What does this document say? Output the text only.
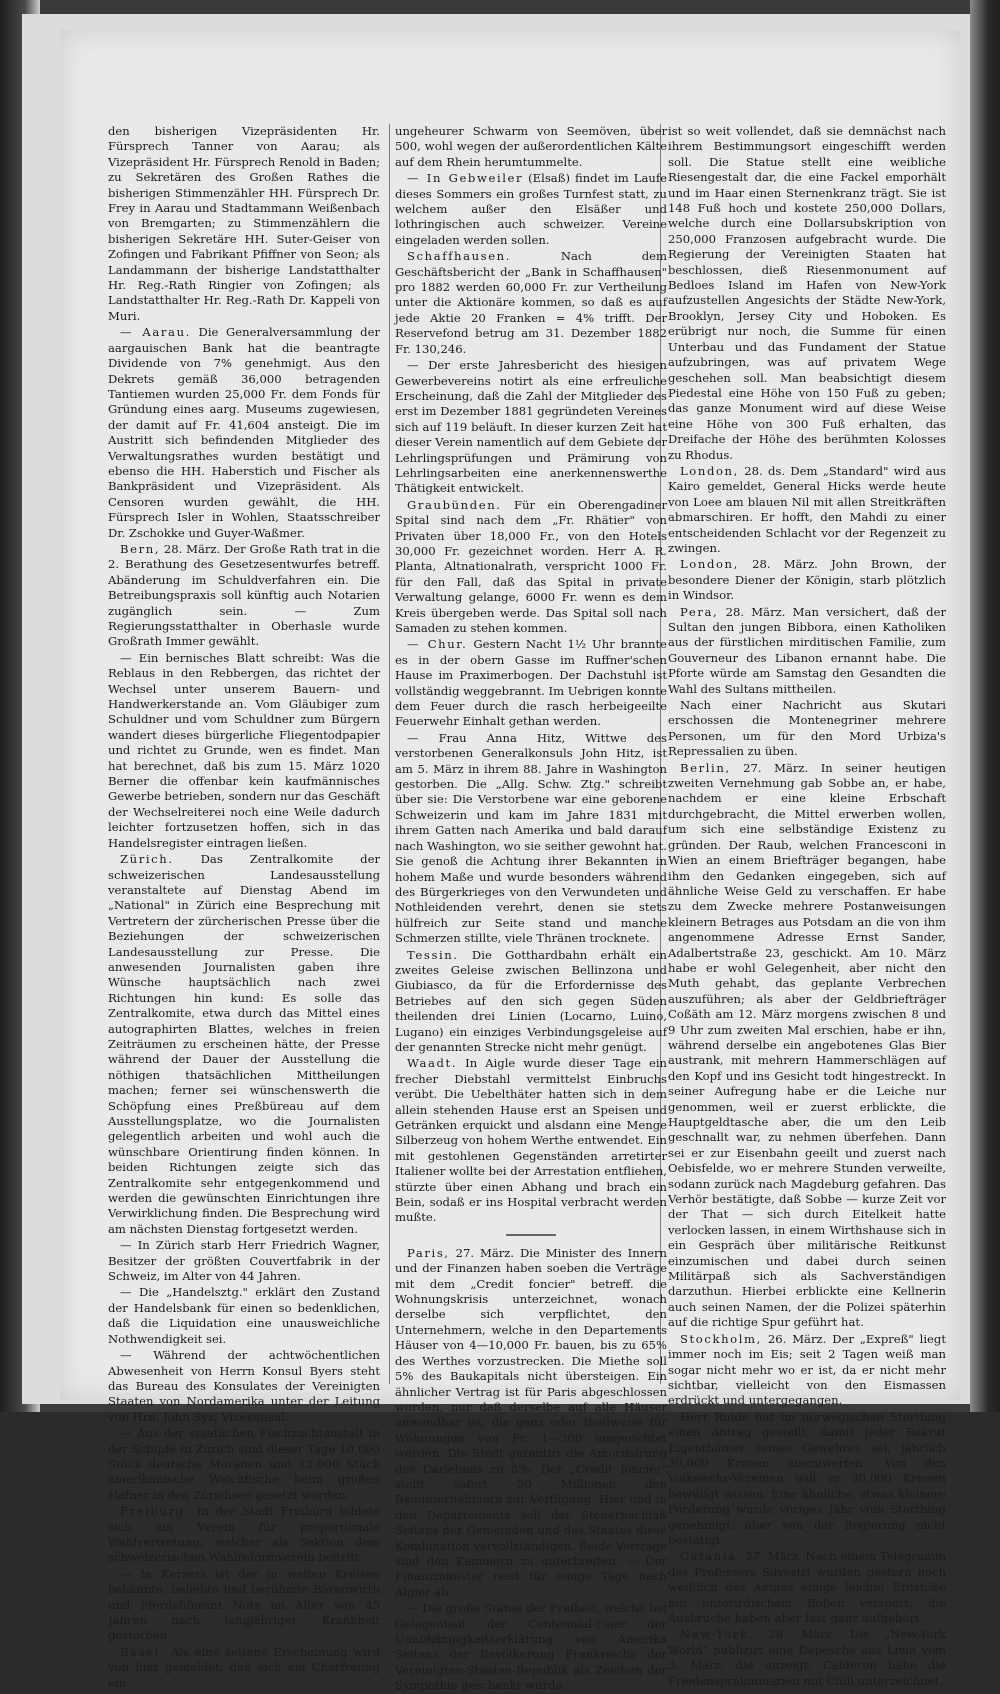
den bisherigen Vizepräsidenten Hr. Fürsprech Tanner von Aarau; als Vizepräsident Hr. Fürsprech Renold in Baden; zu Sekretären des Großen Rathes die bisherigen Stimmenzähler HH. Fürsprech Dr. Frey in Aarau und Stadtammann Weißenbach von Bremgarten; zu Stimmenzählern die bisherigen Sekretäre HH. Suter-Geiser von Zofingen und Fabrikant Pfiffner von Seon; als Landammann der bisherige Landstatthalter Hr. Reg.-Rath Ringier von Zofingen; als Landstatthalter Hr. Reg.-Rath Dr. Kappeli von Muri.

— Aarau. Die Generalversammlung der aargauischen Bank hat die beantragte Dividende von 7% genehmigt. Aus den Dekrets gemäß 36,000 betragenden Tantiemen wurden 25,000 Fr. dem Fonds für Gründung eines aarg. Museums zugewiesen, der damit auf Fr. 41,604 ansteigt. Die im Austritt sich befindenden Mitglieder des Verwaltungsrathes wurden bestätigt und ebenso die HH. Haberstich und Fischer als Bankpräsident und Vizepräsident. Als Censoren wurden gewählt, die HH. Fürsprech Isler in Wohlen, Staatsschreiber Dr. Zschokke und Guyer-Waßmer.

Bern, 28. März. Der Große Rath trat in die 2. Berathung des Gesetzesentwurfes betreff. Abänderung im Schuldverfahren ein. Die Betreibungspraxis soll künftig auch Notarien zugänglich sein. — Zum Regierungsstatthalter in Oberhasle wurde Großrath Immer gewählt.

— Ein bernisches Blatt schreibt: Was die Reblaus in den Rebbergen, das richtet der Wechsel unter unserem Bauern- und Handwerkerstande an. Vom Gläubiger zum Schuldner und vom Schuldner zum Bürgern wandert dieses bürgerliche Fliegentodpapier und richtet zu Grunde, wen es findet. Man hat berechnet, daß bis zum 15. März 1020 Berner die offenbar kein kaufmännisches Gewerbe betrieben, sondern nur das Geschäft der Wechselreiterei noch eine Weile dadurch leichter fortzusetzen hoffen, sich in das Handelsregister eintragen ließen.

Zürich. Das Zentralkomite der schweizerischen Landesausstellung veranstaltete auf Dienstag Abend im „National" in Zürich eine Besprechung mit Vertretern der zürcherischen Presse über die Beziehungen der schweizerischen Landesausstellung zur Presse. Die anwesenden Journalisten gaben ihre Wünsche hauptsächlich nach zwei Richtungen hin kund: Es solle das Zentralkomite, etwa durch das Mittel eines autographirten Blattes, welches in freien Zeiträumen zu erscheinen hätte, der Presse während der Dauer der Ausstellung die nöthigen thatsächlichen Mittheilungen machen; ferner sei wünschenswerth die Schöpfung eines Preßbüreau auf dem Ausstellungsplatze, wo die Journalisten gelegentlich arbeiten und wohl auch die wünschbare Orientirung finden können. In beiden Richtungen zeigte sich das Zentralkomite sehr entgegenkommend und werden die gewünschten Einrichtungen ihre Verwirklichung finden. Die Besprechung wird am nächsten Dienstag fortgesetzt werden.

— In Zürich starb Herr Friedrich Wagner, Besitzer der größten Couvertfabrik in der Schweiz, im Alter von 44 Jahren.

— Die „Handelsztg." erklärt den Zustand der Handelsbank für einen so bedenklichen, daß die Liquidation eine unausweichliche Nothwendigkeit sei.

— Während der achtwöchentlichen Abwesenheit von Herrn Konsul Byers steht das Bureau des Konsulates der Vereinigten Staaten von Nordamerika unter der Leitung von Hrn. John Syz, Vizekonsul.

— Aus der staatlichen Fischzuchtanstalt in der Schipfe in Zürich sind dieser Tage 10,000 Stück deutsche Moränen und 12,000 Stück amerikanische Weichfische beim großen Hafner in den Zürichsee gesetzt worden.

Freiburg. In der Stadt Freiburg bildete sich ein Verein für proportionale Wahlvertretung, welcher als Sektion dem schweizerischen Wahlreformverein beitritt.

— In Kerzers ist der in weiten Kreisen bekannte, beliebte und berühmte Bärenwirth und Pferdeliferant Notz im Alter von 45 Jahren nach langjähriger Krankheit gestorben.

Basel. Als eine seltene Erscheinung wird von hier gemeldet, daß sich am Charfreitag ein

ungeheurer Schwarm von Seemöven, über 500, wohl wegen der außerordentlichen Kälte auf dem Rhein herumtummelte.

— In Gebweiler (Elsaß) findet im Laufe dieses Sommers ein großes Turnfest statt, zu welchem außer den Elsäßer und lothringischen auch schweizer. Vereine eingeladen werden sollen.

Schaffhausen. Nach dem Geschäftsbericht der „Bank in Schaffhausen" pro 1882 werden 60,000 Fr. zur Vertheilung unter die Aktionäre kommen, so daß es auf jede Aktie 20 Franken = 4% trifft. Der Reservefond betrug am 31. Dezember 1882 Fr. 130,246.

— Der erste Jahresbericht des hiesigen Gewerbevereins notirt als eine erfreuliche Erscheinung, daß die Zahl der Mitglieder des erst im Dezember 1881 gegründeten Vereines sich auf 119 beläuft. In dieser kurzen Zeit hat dieser Verein namentlich auf dem Gebiete der Lehrlingsprüfungen und Prämirung von Lehrlingsarbeiten eine anerkennenswerthe Thätigkeit entwickelt.

Graubünden. Für ein Oberengadiner Spital sind nach dem „Fr. Rhätier" von Privaten über 18,000 Fr., von den Hotels 30,000 Fr. gezeichnet worden. Herr A. R. Planta, Altnationalrath, verspricht 1000 Fr. für den Fall, daß das Spital in private Verwaltung gelange, 6000 Fr. wenn es dem Kreis übergeben werde. Das Spital soll nach Samaden zu stehen kommen.

— Chur. Gestern Nacht 1½ Uhr brannte es in der obern Gasse im Ruffner'schen Hause im Praximerbogen. Der Dachstuhl ist vollständig weggebrannt. Im Uebrigen konnte dem Feuer durch die rasch herbeigeeilte Feuerwehr Einhalt gethan werden.

— Frau Anna Hitz, Wittwe des verstorbenen Generalkonsuls John Hitz, ist am 5. März in ihrem 88. Jahre in Washington gestorben. Die „Allg. Schw. Ztg." schreibt über sie: Die Verstorbene war eine geborene Schweizerin und kam im Jahre 1831 mit ihrem Gatten nach Amerika und bald darauf nach Washington, wo sie seither gewohnt hat. Sie genoß die Achtung ihrer Bekannten in hohem Maße und wurde besonders während des Bürgerkrieges von den Verwundeten und Nothleidenden verehrt, denen sie stets hülfreich zur Seite stand und manche Schmerzen stillte, viele Thränen trocknete.

Tessin. Die Gotthardbahn erhält ein zweites Geleise zwischen Bellinzona und Giubiasco, da für die Erfordernisse des Betriebes auf den sich gegen Süden theilenden drei Linien (Locarno, Luino, Lugano) ein einziges Verbindungsgeleise auf der genannten Strecke nicht mehr genügt.

Waadt. In Aigle wurde dieser Tage ein frecher Diebstahl vermittelst Einbruchs verübt. Die Uebelthäter hatten sich in dem allein stehenden Hause erst an Speisen und Getränken erquickt und alsdann eine Menge Silberzeug von hohem Werthe entwendet. Ein mit gestohlenen Gegenständen arretirter Italiener wollte bei der Arrestation entfliehen, stürzte über einen Abhang und brach ein Bein, sodaß er ins Hospital verbracht werden mußte.

Paris, 27. März. Die Minister des Innern und der Finanzen haben soeben die Verträge mit dem „Credit foncier" betreff. die Wohnungskrisis unterzeichnet, wonach derselbe sich verpflichtet, den Unternehmern, welche in den Departements Häuser von 4—10,000 Fr. bauen, bis zu 65% des Werthes vorzustrecken. Die Miethe soll 5% des Baukapitals nicht übersteigen. Ein ähnlicher Vertrag ist für Paris abgeschlossen worden, nur daß derselbe auf alle Häuser anwendbar ist, die ganz oder theilweise für Wohnungen von Fr. 1—300 eingerichtet werden. Die Stadt garantirt die Amortisirung des Darlehens zu 5%. Der „Credit foncier" stellt sofort 50 Millionen den Bauunternehmern zur Verfügung. Hier und in den Departements soll der Steuernachlaß Seitens der Gemeinden und des Staates diese Kombination vervollständigen. Beide Verträge sind den Kammern zu unterbreiten. — Der Finanzminister reist für einige Tage nach Algier ab.

— Die große Statue der Freiheit, welche bei Gelegenheit der Centennial-Feier der Unabhängigkeitserklärung von Amerika Seitens der Bevölkerung Frankreichs der Vereinigten-Staaten-Republik als Zeichen der Sympathie geschenkt wurde,

ist so weit vollendet, daß sie demnächst nach ihrem Bestimmungsort eingeschifft werden soll. Die Statue stellt eine weibliche Riesengestalt dar, die eine Fackel emporhält und im Haar einen Sternenkranz trägt. Sie ist 148 Fuß hoch und kostete 250,000 Dollars, welche durch eine Dollarsubskription von 250,000 Franzosen aufgebracht wurde. Die Regierung der Vereinigten Staaten hat beschlossen, dieß Riesenmonument auf Bedloes Island im Hafen von New-York aufzustellen Angesichts der Städte New-York, Brooklyn, Jersey City und Hoboken. Es erübrigt nur noch, die Summe für einen Unterbau und das Fundament der Statue aufzubringen, was auf privatem Wege geschehen soll. Man beabsichtigt diesem Piedestal eine Höhe von 150 Fuß zu geben; das ganze Monument wird auf diese Weise eine Höhe von 300 Fuß erhalten, das Dreifache der Höhe des berühmten Kolosses zu Rhodus.

London, 28. ds. Dem „Standard" wird aus Kairo gemeldet, General Hicks werde heute von Loee am blauen Nil mit allen Streitkräften abmarschiren. Er hofft, den Mahdi zu einer entscheidenden Schlacht vor der Regenzeit zu zwingen.

London, 28. März. John Brown, der besondere Diener der Königin, starb plötzlich in Windsor.

Pera, 28. März. Man versichert, daß der Sultan den jungen Bibbora, einen Katholiken aus der fürstlichen mirditischen Familie, zum Gouverneur des Libanon ernannt habe. Die Pforte würde am Samstag den Gesandten die Wahl des Sultans mittheilen.

Nach einer Nachricht aus Skutari erschossen die Montenegriner mehrere Personen, um für den Mord Urbiza's Repressalien zu üben.

Berlin, 27. März. In seiner heutigen zweiten Vernehmung gab Sobbe an, er habe, nachdem er eine kleine Erbschaft durchgebracht, die Mittel erwerben wollen, um sich eine selbständige Existenz zu gründen. Der Raub, welchen Francesconi in Wien an einem Briefträger begangen, habe ihm den Gedanken eingegeben, sich auf ähnliche Weise Geld zu verschaffen. Er habe zu dem Zwecke mehrere Postanweisungen kleinern Betrages aus Potsdam an die von ihm angenommene Adresse Ernst Sander, Adalbertstraße 23, geschickt. Am 10. März habe er wohl Gelegenheit, aber nicht den Muth gehabt, das geplante Verbrechen auszuführen; als aber der Geldbriefträger Coßäth am 12. März morgens zwischen 8 und 9 Uhr zum zweiten Mal erschien, habe er ihn, während derselbe ein angebotenes Glas Bier austrank, mit mehrern Hammerschlägen auf den Kopf und ins Gesicht todt hingestreckt. In seiner Aufregung habe er die Leiche nur genommen, weil er zuerst erblickte, die Hauptgeldtasche aber, die um den Leib geschnallt war, zu nehmen überfehen. Dann sei er zur Eisenbahn geeilt und zuerst nach Oebisfelde, wo er mehrere Stunden verweilte, sodann zurück nach Magdeburg gefahren. Das Verhör bestätigte, daß Sobbe — kurze Zeit vor der That — sich durch Eitelkeit hatte verlocken lassen, in einem Wirthshause sich in ein Gespräch über militärische Reitkunst einzumischen und dabei durch seinen Militärpaß sich als Sachverständigen darzuthun. Hierbei erblickte eine Kellnerin auch seinen Namen, der die Polizei späterhin auf die richtige Spur geführt hat.

Stockholm, 26. März. Der „Expreß" liegt immer noch im Eis; seit 2 Tagen weiß man sogar nicht mehr wo er ist, da er nicht mehr sichtbar, vielleicht von den Eismassen erdrückt und untergegangen.

Herr Ruide hat im norwegischen Storthing einen Antrag gestellt, damit jeder Rekrut Eigenthümer seines Gewehres sei, jährlich 30,000 Kronen auszuwerfen. Von den Volkswehr-Vereinen will er 30,000 Kronen bewilligt wissen. Eine ähnliche, etwas kleinere Forderung wurde voriges Jahr vom Storthing genehmigt, aber von der Regierung nicht bestätigt.

Catania, 27. März. Nach einem Telegramm des Professors Silvestri wurden gestern noch weißlich des Aetnas einige leichte Erdstöße mit unterirdischem Rollen verspürt; die Ausbrüche haben aber fast ganz aufgehört.

New-York, 28. März. Die „New-York World" publizirt eine Depesche aus Lima vom 3. März, die anzeigt, Calderon habe die Friedenspräliminarien mit Chili unterzeichnet.
